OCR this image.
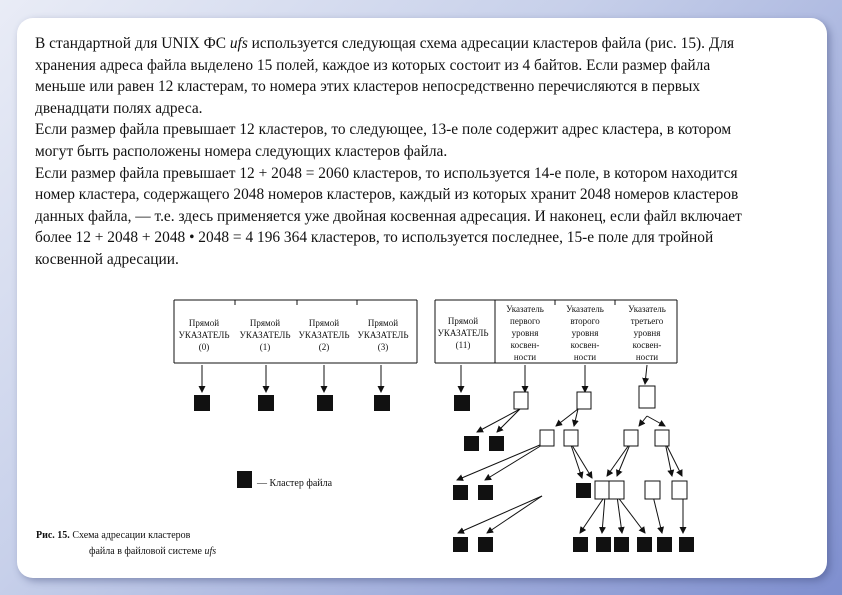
В стандартной для UNIX ФС ufs используется следующая схема адресации кластеров файла (рис. 15). Для хранения адреса файла выделено 15 полей, каждое из которых состоит из 4 байтов. Если размер файла меньше или равен 12 кластерам, то номера этих кластеров непосредственно перечисляются в первых двенадцати полях адреса.
Если размер файла превышает 12 кластеров, то следующее, 13-е поле содержит адрес кластера, в котором могут быть расположены номера следующих кластеров файла.
Если размер файла превышает 12 + 2048 = 2060 кластеров, то используется 14-е поле, в котором находится номер кластера, содержащего 2048 номеров кластеров, каждый из которых хранит 2048 номеров кластеров данных файла, — т.е. здесь применяется уже двойная косвенная адресация. И наконец, если файл включает более 12 + 2048 + 2048 • 2048 = 4 196 364 кластеров, то используется последнее, 15-е поле для тройной косвенной адресации.
Прямой
УКАЗАТЕЛЬ
(0)
Прямой
УКАЗАТЕЛЬ
(1)
Прямой
УКАЗАТЕЛЬ
(2)
Прямой
УКАЗАТЕЛЬ
(3)
Прямой
УКАЗАТЕЛЬ
(11)
Указатель
первого
уровня
косвен-
ности
Указатель
второго
уровня
косвен-
ности
Указатель
третьего
уровня
косвен-
ности
— Кластер файла
Рис. 15. Схема адресации кластеров
файла в файловой системе ufs
